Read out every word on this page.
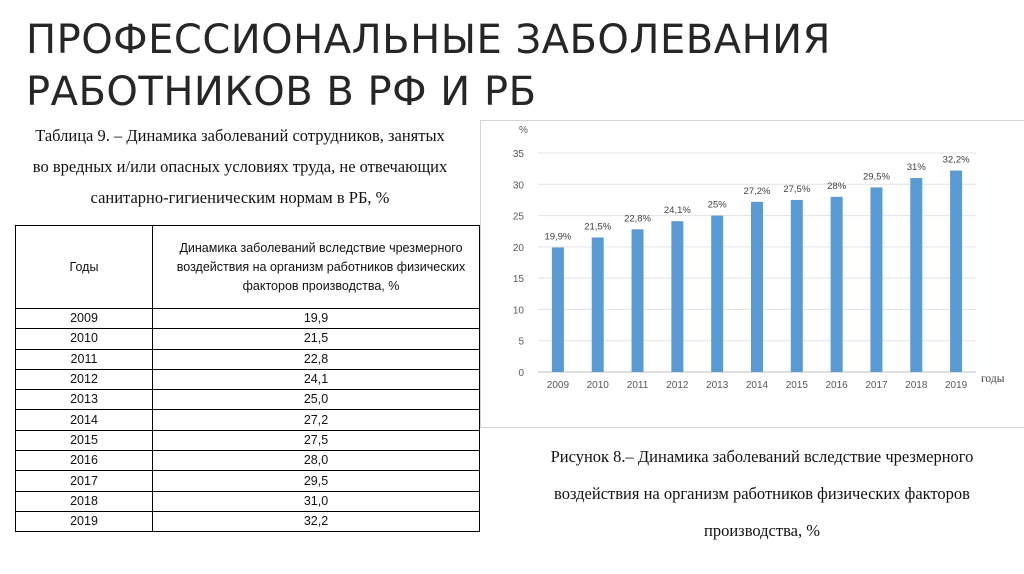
ПРОФЕССИОНАЛЬНЫЕ ЗАБОЛЕВАНИЯ
РАБОТНИКОВ В РФ И РБ
Таблица 9. – Динамика заболеваний сотрудников, занятых
во вредных и/или опасных условиях труда, не отвечающих
санитарно-гигиеническим нормам в РБ, %
Годы	Динамика заболеваний вследствие чрезмерного воздействия на организм работников физических факторов производства, %
2009	19,9
2010	21,5
2011	22,8
2012	24,1
2013	25,0
2014	27,2
2015	27,5
2016	28,0
2017	29,5
2018	31,0
2019	32,2
0
5
10
15
20
25
30
35
%
19,9%
2009
21,5%
2010
22,8%
2011
24,1%
2012
25%
2013
27,2%
2014
27,5%
2015
28%
2016
29,5%
2017
31%
2018
32,2%
2019
годы
Рисунок 8.– Динамика заболеваний вследствие чрезмерного
воздействия на организм работников физических факторов
производства, %
